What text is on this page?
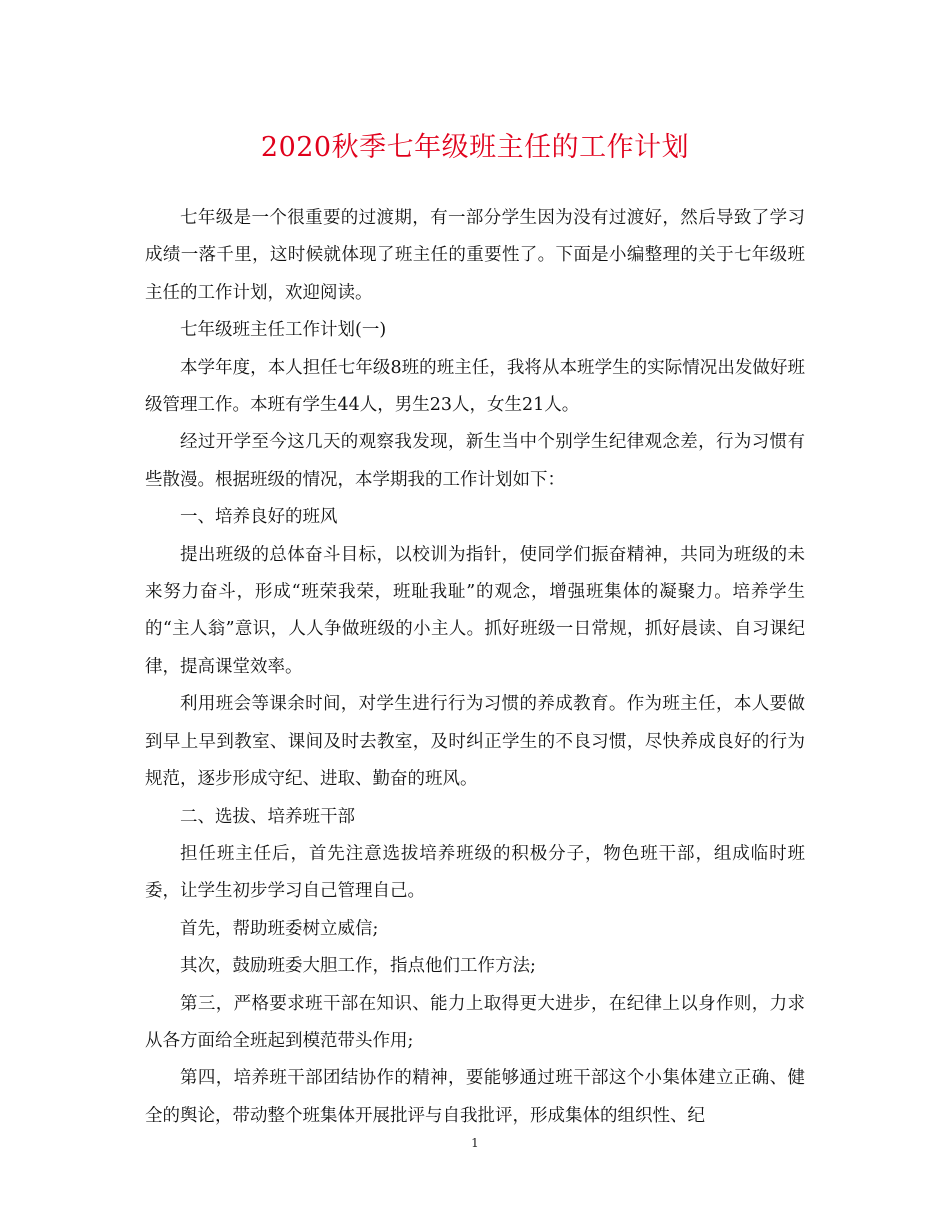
2020秋季七年级班主任的工作计划

七年级是一个很重要的过渡期，有一部分学生因为没有过渡好，然后导致了学习成绩一落千里，这时候就体现了班主任的重要性了。下面是小编整理的关于七年级班主任的工作计划，欢迎阅读。

七年级班主任工作计划(一)

本学年度，本人担任七年级8班的班主任，我将从本班学生的实际情况出发做好班级管理工作。本班有学生44人，男生23人，女生21人。

经过开学至今这几天的观察我发现，新生当中个别学生纪律观念差，行为习惯有些散漫。根据班级的情况，本学期我的工作计划如下：

一、培养良好的班风

提出班级的总体奋斗目标，以校训为指针，使同学们振奋精神，共同为班级的未来努力奋斗，形成“班荣我荣，班耻我耻”的观念，增强班集体的凝聚力。培养学生的“主人翁”意识，人人争做班级的小主人。抓好班级一日常规，抓好晨读、自习课纪律，提高课堂效率。

利用班会等课余时间，对学生进行行为习惯的养成教育。作为班主任，本人要做到早上早到教室、课间及时去教室，及时纠正学生的不良习惯，尽快养成良好的行为规范，逐步形成守纪、进取、勤奋的班风。

二、选拔、培养班干部

担任班主任后，首先注意选拔培养班级的积极分子，物色班干部，组成临时班委，让学生初步学习自己管理自己。

首先，帮助班委树立威信;

其次，鼓励班委大胆工作，指点他们工作方法;

第三，严格要求班干部在知识、能力上取得更大进步，在纪律上以身作则，力求从各方面给全班起到模范带头作用;

第四，培养班干部团结协作的精神，要能够通过班干部这个小集体建立正确、健全的舆论，带动整个班集体开展批评与自我批评，形成集体的组织性、纪

1
